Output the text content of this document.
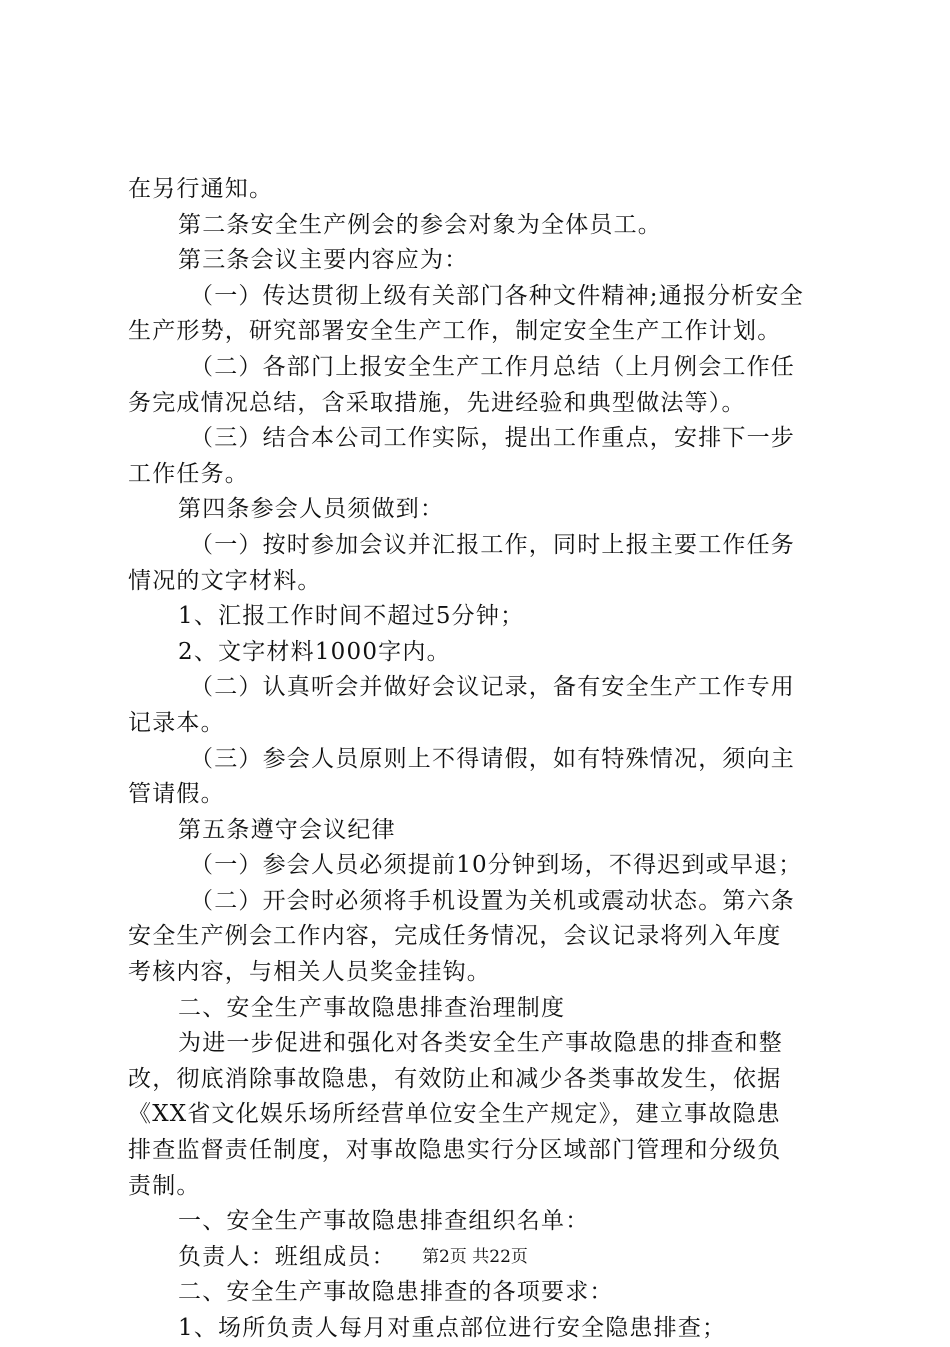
在另行通知。
第二条安全生产例会的参会对象为全体员工。
第三条会议主要内容应为：
（一）传达贯彻上级有关部门各种文件精神;通报分析安全
生产形势，研究部署安全生产工作，制定安全生产工作计划。
（二）各部门上报安全生产工作月总结（上月例会工作任
务完成情况总结，含采取措施，先进经验和典型做法等）。
（三）结合本公司工作实际，提出工作重点，安排下一步
工作任务。
第四条参会人员须做到：
（一）按时参加会议并汇报工作，同时上报主要工作任务
情况的文字材料。
1、汇报工作时间不超过5分钟；
2、文字材料1000字内。
（二）认真听会并做好会议记录，备有安全生产工作专用
记录本。
（三）参会人员原则上不得请假，如有特殊情况，须向主
管请假。
第五条遵守会议纪律
（一）参会人员必须提前10分钟到场，不得迟到或早退；
（二）开会时必须将手机设置为关机或震动状态。第六条
安全生产例会工作内容，完成任务情况，会议记录将列入年度
考核内容，与相关人员奖金挂钩。
二、安全生产事故隐患排查治理制度
为进一步促进和强化对各类安全生产事故隐患的排查和整
改，彻底消除事故隐患，有效防止和减少各类事故发生，依据
《XX省文化娱乐场所经营单位安全生产规定》，建立事故隐患
排查监督责任制度，对事故隐患实行分区域部门管理和分级负
责制。
一、安全生产事故隐患排查组织名单：
负责人：班组成员：
二、安全生产事故隐患排查的各项要求：
1、场所负责人每月对重点部位进行安全隐患排查；
第2页 共22页
